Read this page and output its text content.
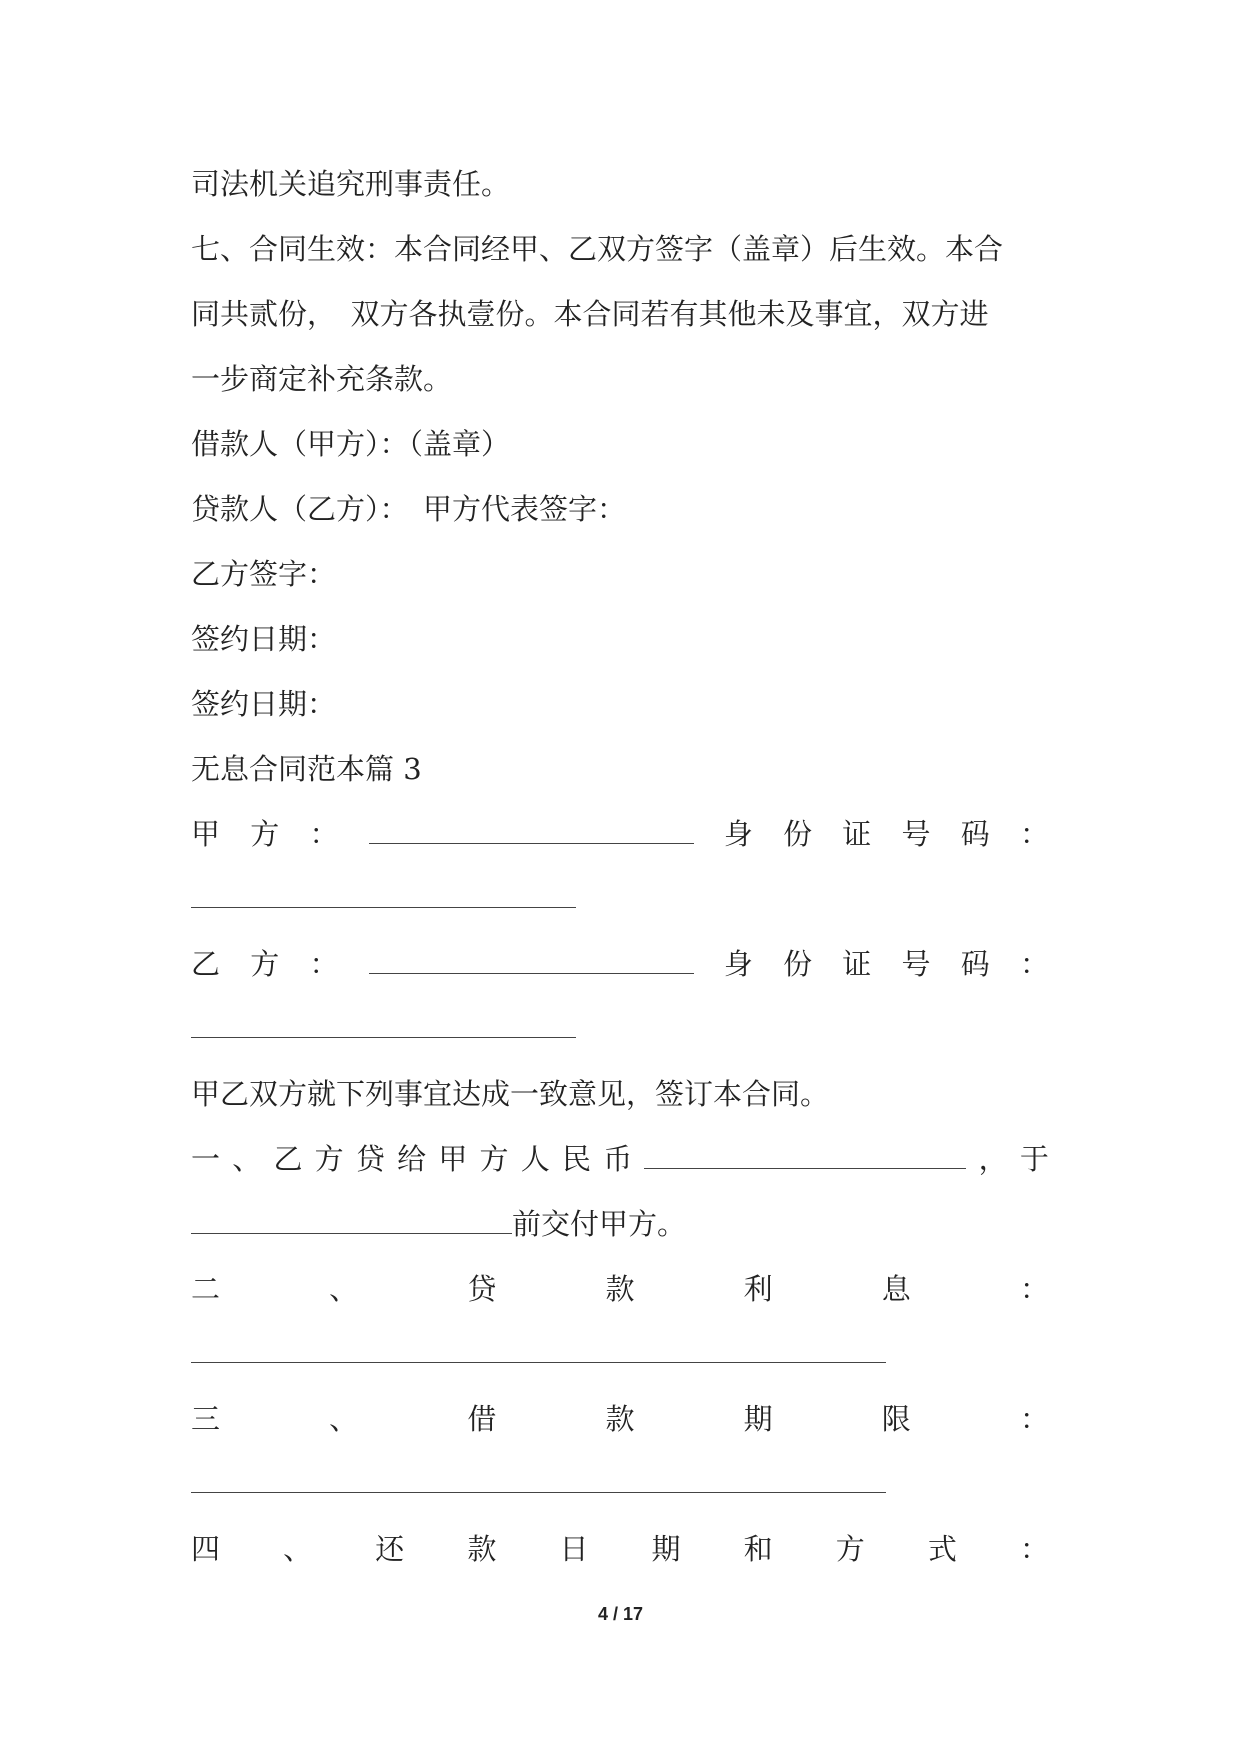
司法机关追究刑事责任。
七、合同生效：本合同经甲、乙双方签字（盖章）后生效。本合
同共贰份，　双方各执壹份。本合同若有其他未及事宜，双方进
一步商定补充条款。
借款人（甲方）：（盖章）
贷款人（乙方）：　甲方代表签字：
乙方签字：
签约日期：
签约日期：
无息合同范本篇 3
甲 方 ：	身 份 证 号 码 ：
乙 方 ：	身 份 证 号 码 ：
甲乙双方就下列事宜达成一致意见，签订本合同。
一 、 乙 方 贷 给 甲 方 人 民 币	， 于
前交付甲方。
二	、	贷	款	利	息	：
三	、	借	款	期	限	：
四 、 还 款 日 期 和 方 式 ：
4 / 17
